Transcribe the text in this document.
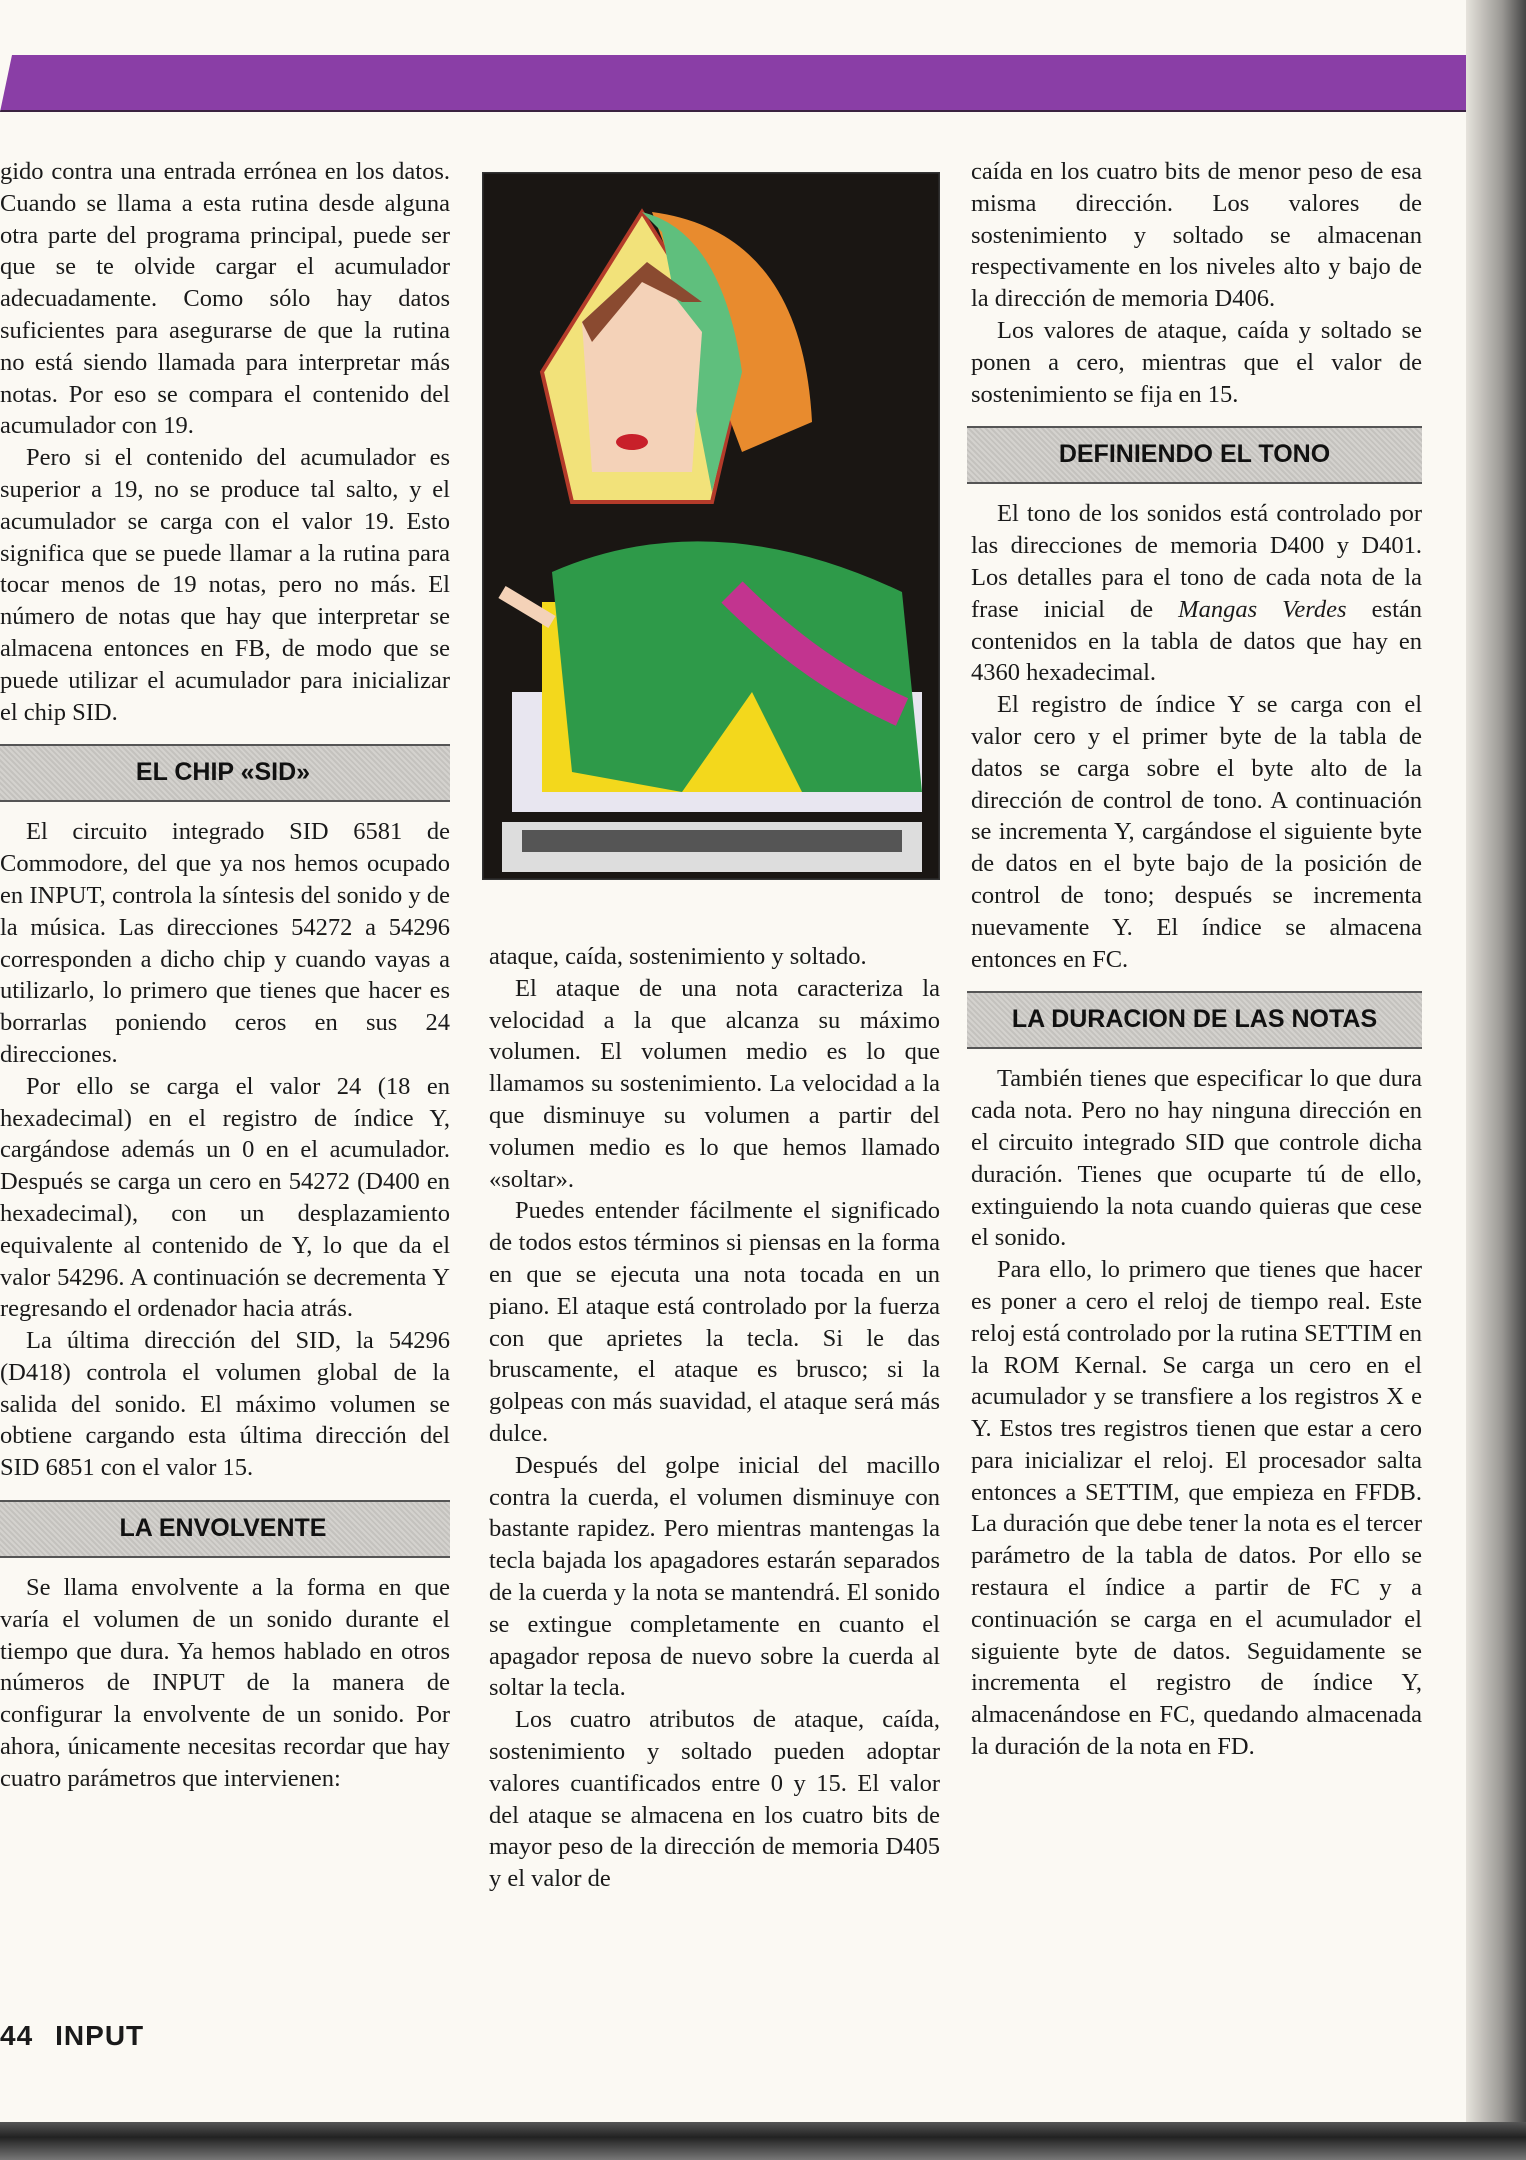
gido contra una entrada errónea en los datos. Cuando se llama a esta rutina desde alguna otra parte del programa principal, puede ser que se te olvide cargar el acumulador adecuadamente. Como sólo hay datos suficientes para asegurarse de que la rutina no está siendo llamada para interpretar más notas. Por eso se compara el contenido del acumulador con 19.

Pero si el contenido del acumulador es superior a 19, no se produce tal salto, y el acumulador se carga con el valor 19. Esto significa que se puede llamar a la rutina para tocar menos de 19 notas, pero no más. El número de notas que hay que interpretar se almacena entonces en FB, de modo que se puede utilizar el acumulador para inicializar el chip SID.

EL CHIP «SID»

El circuito integrado SID 6581 de Commodore, del que ya nos hemos ocupado en INPUT, controla la síntesis del sonido y de la música. Las direcciones 54272 a 54296 corresponden a dicho chip y cuando vayas a utilizarlo, lo primero que tienes que hacer es borrarlas poniendo ceros en sus 24 direcciones.

Por ello se carga el valor 24 (18 en hexadecimal) en el registro de índice Y, cargándose además un 0 en el acumulador. Después se carga un cero en 54272 (D400 en hexadecimal), con un desplazamiento equivalente al contenido de Y, lo que da el valor 54296. A continuación se decrementa Y regresando el ordenador hacia atrás.

La última dirección del SID, la 54296 (D418) controla el volumen global de la salida del sonido. El máximo volumen se obtiene cargando esta última dirección del SID 6851 con el valor 15.

LA ENVOLVENTE

Se llama envolvente a la forma en que varía el volumen de un sonido durante el tiempo que dura. Ya hemos hablado en otros números de INPUT de la manera de configurar la envolvente de un sonido. Por ahora, únicamente necesitas recordar que hay cuatro parámetros que intervienen:

ataque, caída, sostenimiento y soltado.

El ataque de una nota caracteriza la velocidad a la que alcanza su máximo volumen. El volumen medio es lo que llamamos su sostenimiento. La velocidad a la que disminuye su volumen a partir del volumen medio es lo que hemos llamado «soltar».

Puedes entender fácilmente el significado de todos estos términos si piensas en la forma en que se ejecuta una nota tocada en un piano. El ataque está controlado por la fuerza con que aprietes la tecla. Si le das bruscamente, el ataque es brusco; si la golpeas con más suavidad, el ataque será más dulce.

Después del golpe inicial del macillo contra la cuerda, el volumen disminuye con bastante rapidez. Pero mientras mantengas la tecla bajada los apagadores estarán separados de la cuerda y la nota se mantendrá. El sonido se extingue completamente en cuanto el apagador reposa de nuevo sobre la cuerda al soltar la tecla.

Los cuatro atributos de ataque, caída, sostenimiento y soltado pueden adoptar valores cuantificados entre 0 y 15. El valor del ataque se almacena en los cuatro bits de mayor peso de la dirección de memoria D405 y el valor de

caída en los cuatro bits de menor peso de esa misma dirección. Los valores de sostenimiento y soltado se almacenan respectivamente en los niveles alto y bajo de la dirección de memoria D406.

Los valores de ataque, caída y soltado se ponen a cero, mientras que el valor de sostenimiento se fija en 15.

DEFINIENDO EL TONO

El tono de los sonidos está controlado por las direcciones de memoria D400 y D401. Los detalles para el tono de cada nota de la frase inicial de Mangas Verdes están contenidos en la tabla de datos que hay en 4360 hexadecimal.

El registro de índice Y se carga con el valor cero y el primer byte de la tabla de datos se carga sobre el byte alto de la dirección de control de tono. A continuación se incrementa Y, cargándose el siguiente byte de datos en el byte bajo de la posición de control de tono; después se incrementa nuevamente Y. El índice se almacena entonces en FC.

LA DURACION DE LAS NOTAS

También tienes que especificar lo que dura cada nota. Pero no hay ninguna dirección en el circuito integrado SID que controle dicha duración. Tienes que ocuparte tú de ello, extinguiendo la nota cuando quieras que cese el sonido.

Para ello, lo primero que tienes que hacer es poner a cero el reloj de tiempo real. Este reloj está controlado por la rutina SETTIM en la ROM Kernal. Se carga un cero en el acumulador y se transfiere a los registros X e Y. Estos tres registros tienen que estar a cero para inicializar el reloj. El procesador salta entonces a SETTIM, que empieza en FFDB. La duración que debe tener la nota es el tercer parámetro de la tabla de datos. Por ello se restaura el índice a partir de FC y a continuación se carga en el acumulador el siguiente byte de datos. Seguidamente se incrementa el registro de índice Y, almacenándose en FC, quedando almacenada la duración de la nota en FD.

44 INPUT
